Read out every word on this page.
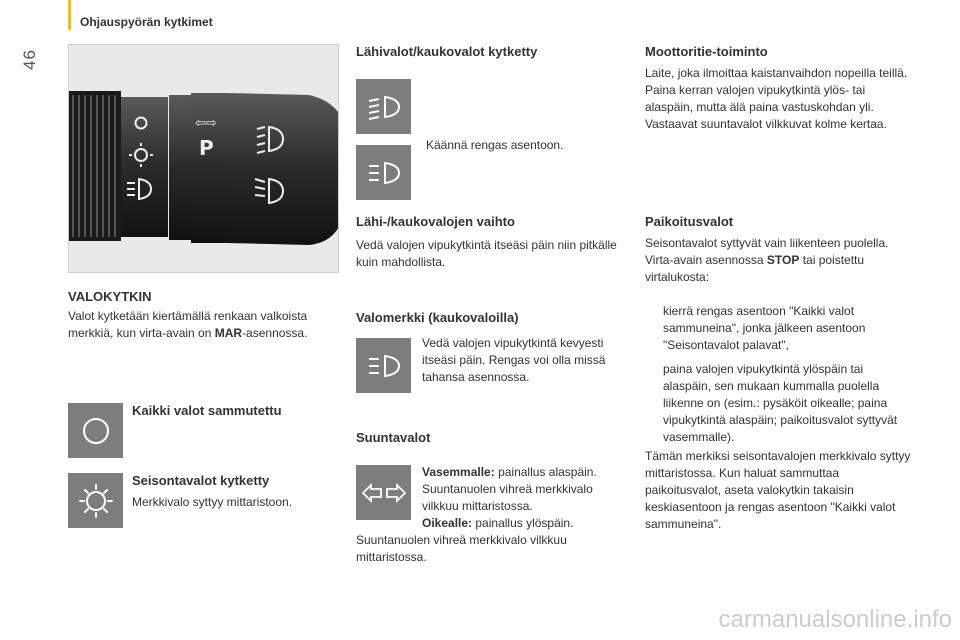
46
Ohjauspyörän kytkimet
⇦⇨
P
VALOKYTKIN
Valot kytketään kiertämällä renkaan valkoista merkkiä, kun virta-avain on MAR-asennossa.
Kaikki valot sammutettu
Seisontavalot kytketty
Merkkivalo syttyy mittaristoon.
Lähivalot/kaukovalot kytketty
Käännä rengas asentoon.
Lähi-/kaukovalojen vaihto
Vedä valojen vipukytkintä itseäsi päin niin pitkälle kuin mahdollista.
Valomerkki (kaukovaloilla)
Vedä valojen vipukytkintä kevyesti itseäsi päin. Rengas voi olla missä tahansa asennossa.
Suuntavalot
Vasemmalle: painallus alaspäin. Suuntanuolen vihreä merkkivalo vilkkuu mittaristossa.
Oikealle: painallus ylöspäin.
Suuntanuolen vihreä merkkivalo vilkkuu mittaristossa.
Moottoritie-toiminto
Laite, joka ilmoittaa kaistanvaihdon nopeilla teillä. Paina kerran valojen vipukytkintä ylös- tai alaspäin, mutta älä paina vastuskohdan yli. Vastaavat suuntavalot vilkkuvat kolme kertaa.
Paikoitusvalot
Seisontavalot syttyvät vain liikenteen puolella.
Virta-avain asennossa STOP tai poistettu virtalukosta:
kierrä rengas asentoon "Kaikki valot sammuneina", jonka jälkeen asentoon "Seisontavalot palavat",
paina valojen vipukytkintä ylöspäin tai alaspäin, sen mukaan kummalla puolella liikenne on (esim.: pysäköit oikealle; paina vipukytkintä alaspäin; paikoitusvalot syttyvät vasemmalle).
Tämän merkiksi seisontavalojen merkkivalo syttyy mittaristossa. Kun haluat sammuttaa paikoitusvalot, aseta valokytkin takaisin keskiasentoon ja rengas asentoon "Kaikki valot sammuneina".
carmanualsonline.info
